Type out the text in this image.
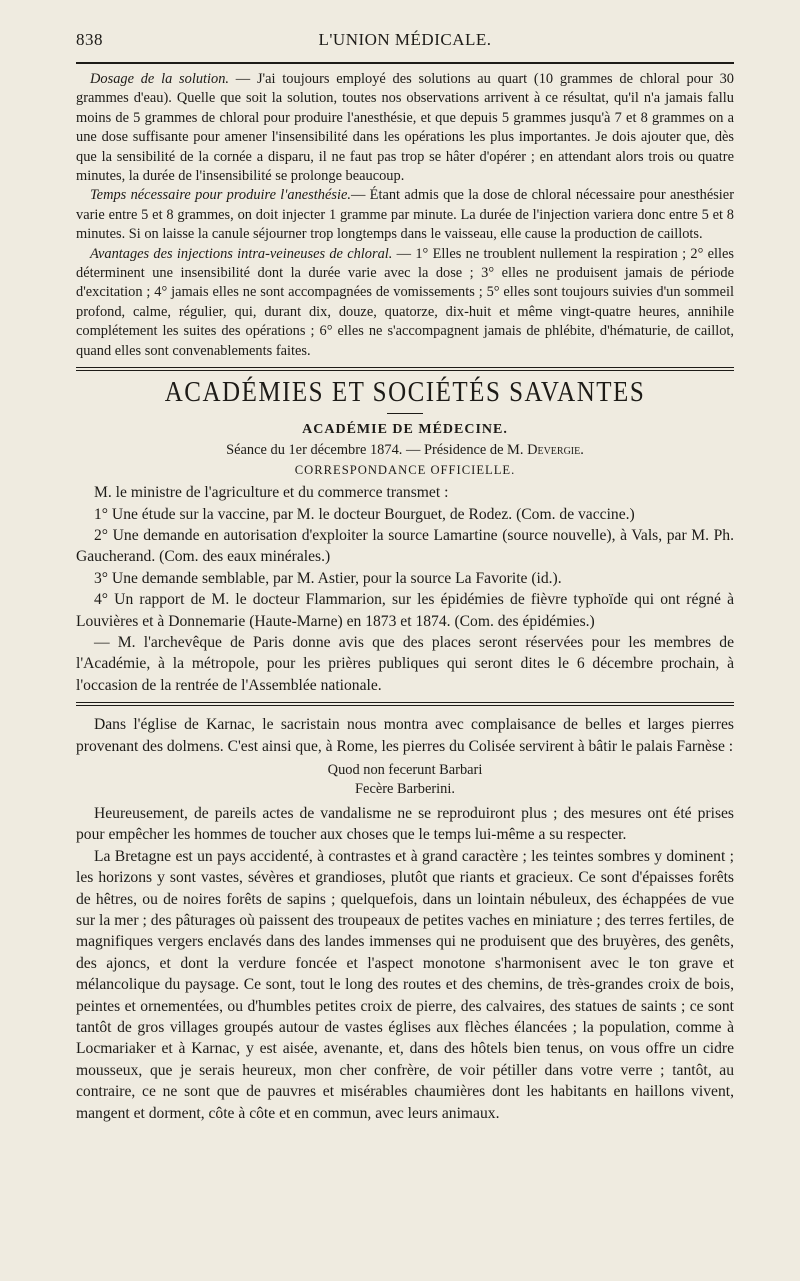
838	L'UNION MÉDICALE.

Dosage de la solution. — J'ai toujours employé des solutions au quart (10 grammes de chloral pour 30 grammes d'eau). Quelle que soit la solution, toutes nos observations arrivent à ce résultat, qu'il n'a jamais fallu moins de 5 grammes de chloral pour produire l'anesthésie, et que depuis 5 grammes jusqu'à 7 et 8 grammes on a une dose suffisante pour amener l'insensibilité dans les opérations les plus importantes. Je dois ajouter que, dès que la sensibilité de la cornée a disparu, il ne faut pas trop se hâter d'opérer ; en attendant alors trois ou quatre minutes, la durée de l'insensibilité se prolonge beaucoup.

Temps nécessaire pour produire l'anesthésie.— Étant admis que la dose de chloral nécessaire pour anesthésier varie entre 5 et 8 grammes, on doit injecter 1 gramme par minute. La durée de l'injection variera donc entre 5 et 8 minutes. Si on laisse la canule séjourner trop longtemps dans le vaisseau, elle cause la production de caillots.

Avantages des injections intra-veineuses de chloral. — 1° Elles ne troublent nullement la respiration ; 2° elles déterminent une insensibilité dont la durée varie avec la dose ; 3° elles ne produisent jamais de période d'excitation ; 4° jamais elles ne sont accompagnées de vomissements ; 5° elles sont toujours suivies d'un sommeil profond, calme, régulier, qui, durant dix, douze, quatorze, dix-huit et même vingt-quatre heures, annihile complétement les suites des opérations ; 6° elles ne s'accompagnent jamais de phlébite, d'hématurie, de caillot, quand elles sont convenablements faites.

ACADÉMIES ET SOCIÉTÉS SAVANTES
ACADÉMIE DE MÉDECINE.
Séance du 1er décembre 1874. — Présidence de M. Devergie.
CORRESPONDANCE OFFICIELLE.

M. le ministre de l'agriculture et du commerce transmet :

1° Une étude sur la vaccine, par M. le docteur Bourguet, de Rodez. (Com. de vaccine.)

2° Une demande en autorisation d'exploiter la source Lamartine (source nouvelle), à Vals, par M. Ph. Gaucherand. (Com. des eaux minérales.)

3° Une demande semblable, par M. Astier, pour la source La Favorite (id.).

4° Un rapport de M. le docteur Flammarion, sur les épidémies de fièvre typhoïde qui ont régné à Louvières et à Donnemarie (Haute-Marne) en 1873 et 1874. (Com. des épidémies.)

— M. l'archevêque de Paris donne avis que des places seront réservées pour les membres de l'Académie, à la métropole, pour les prières publiques qui seront dites le 6 décembre prochain, à l'occasion de la rentrée de l'Assemblée nationale.

Dans l'église de Karnac, le sacristain nous montra avec complaisance de belles et larges pierres provenant des dolmens. C'est ainsi que, à Rome, les pierres du Colisée servirent à bâtir le palais Farnèse :

Quod non fecerunt Barbari
Fecère Barberini.

Heureusement, de pareils actes de vandalisme ne se reproduiront plus ; des mesures ont été prises pour empêcher les hommes de toucher aux choses que le temps lui-même a su respecter.

La Bretagne est un pays accidenté, à contrastes et à grand caractère ; les teintes sombres y dominent ; les horizons y sont vastes, sévères et grandioses, plutôt que riants et gracieux. Ce sont d'épaisses forêts de hêtres, ou de noires forêts de sapins ; quelquefois, dans un lointain nébuleux, des échappées de vue sur la mer ; des pâturages où paissent des troupeaux de petites vaches en miniature ; des terres fertiles, de magnifiques vergers enclavés dans des landes immenses qui ne produisent que des bruyères, des genêts, des ajoncs, et dont la verdure foncée et l'aspect monotone s'harmonisent avec le ton grave et mélancolique du paysage. Ce sont, tout le long des routes et des chemins, de très-grandes croix de bois, peintes et ornementées, ou d'humbles petites croix de pierre, des calvaires, des statues de saints ; ce sont tantôt de gros villages groupés autour de vastes églises aux flèches élancées ; la population, comme à Locmariaker et à Karnac, y est aisée, avenante, et, dans des hôtels bien tenus, on vous offre un cidre mousseux, que je serais heureux, mon cher confrère, de voir pétiller dans votre verre ; tantôt, au contraire, ce ne sont que de pauvres et misérables chaumières dont les habitants en haillons vivent, mangent et dorment, côte à côte et en commun, avec leurs animaux.
